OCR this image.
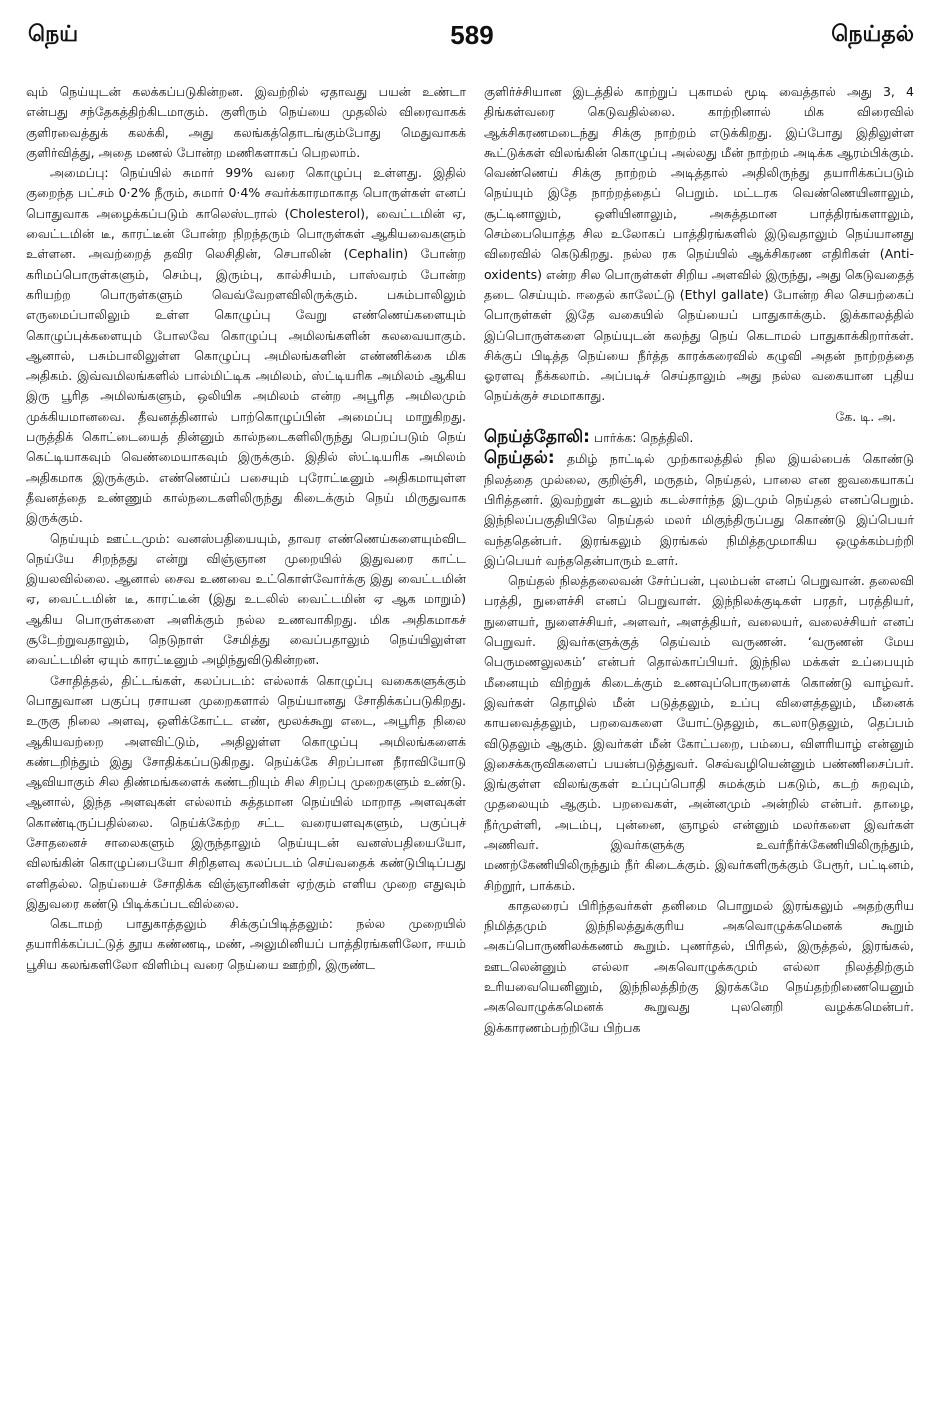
நெய்	589	நெய்தல்

வும் நெய்யுடன் கலக்கப்படுகின்றன. இவற்றில் ஏதாவது பயன் உண்டா என்பது சந்தேகத்திற்கிடமாகும். குளிரும் நெய்யை முதலில் விரைவாகக் குளிரவைத்துக் கலக்கி, அது கலங்கத்தொடங்கும்போது மெதுவாகக் குளிர்வித்து, அதை மணல் போன்ற மணிகளாகப் பெறலாம்.

அமைப்பு: நெய்யில் சுமார் 99% வரை கொழுப்பு உள்ளது. இதில் குறைந்த பட்சம் 0·2% நீரும், சுமார் 0·4% சவர்க்காரமாகாத பொருள்கள் எனப் பொதுவாக அழைக்கப்படும் காலெஸ்டரால் (Cholesterol), வைட்டமின் ஏ, வைட்டமின் டீ, காரட்டீன் போன்ற நிறந்தரும் பொருள்கள் ஆகியவைகளும் உள்ளன. அவற்றைத் தவிர லெசிதின், செபாலின் (Cephalin) போன்ற கரிமப்பொருள்களும், செம்பு, இரும்பு, கால்சியம், பாஸ்வரம் போன்ற கரியற்ற பொருள்களும் வெவ்வேறளவிலிருக்கும். பசும்பாலிலும் எருமைப்பாலிலும் உள்ள கொழுப்பு வேறு எண்ணெய்களையும் கொழுப்புக்களையும் போலவே கொழுப்பு அமிலங்களின் கலவையாகும். ஆனால், பசும்பாலிலுள்ள கொழுப்பு அமிலங்களின் எண்ணிக்கை மிக அதிகம். இவ்வமிலங்களில் பால்மிட்டிக அமிலம், ஸ்ட்டியரிக அமிலம் ஆகிய இரு பூரித அமிலங்களும், ஒலியிக அமிலம் என்ற அபூரித அமிலமும் முக்கியமானவை. தீவனத்தினால் பாற்கொழுப்பின் அமைப்பு மாறுகிறது. பருத்திக் கொட்டையைத் தின்னும் கால்நடைகளிலிருந்து பெறப்படும் நெய் கெட்டியாகவும் வெண்மையாகவும் இருக்கும். இதில் ஸ்ட்டியரிக அமிலம் அதிகமாக இருக்கும். எண்ணெய்ப் பசையும் புரோட்டீனும் அதிகமாயுள்ள தீவனத்தை உண்ணும் கால்நடைகளிலிருந்து கிடைக்கும் நெய் மிருதுவாக இருக்கும்.

நெய்யும் ஊட்டமும்: வனஸ்பதியையும், தாவர எண்ணெய்களையும்விட நெய்யே சிறந்தது என்று விஞ்ஞான முறையில் இதுவரை காட்ட இயலவில்லை. ஆனால் சைவ உணவை உட்கொள்வோர்க்கு இது வைட்டமின் ஏ, வைட்டமின் டீ, காரட்டீன் (இது உடலில் வைட்டமின் ஏ ஆக மாறும்) ஆகிய பொருள்களை அளிக்கும் நல்ல உணவாகிறது. மிக அதிகமாகச் சூடேற்றுவதாலும், நெடுநாள் சேமித்து வைப்பதாலும் நெய்யிலுள்ள வைட்டமின் ஏயும் காரட்டீனும் அழிந்துவிடுகின்றன.

சோதித்தல், திட்டங்கள், கலப்படம்: எல்லாக் கொழுப்பு வகைகளுக்கும் பொதுவான பகுப்பு ரசாயன முறைகளால் நெய்யானது சோதிக்கப்படுகிறது. உருகு நிலை அளவு, ஒளிக்கோட்ட எண், மூலக்கூறு எடை, அபூரித நிலை ஆகியவற்றை அளவிட்டும், அதிலுள்ள கொழுப்பு அமிலங்களைக் கண்டறிந்தும் இது சோதிக்கப்படுகிறது. நெய்க்கே சிறப்பான நீராவியோடு ஆவியாகும் சில திண்மங்களைக் கண்டறியும் சில சிறப்பு முறைகளும் உண்டு. ஆனால், இந்த அளவுகள் எல்லாம் சுத்தமான நெய்யில் மாறாத அளவுகள் கொண்டிருப்பதில்லை. நெய்க்கேற்ற சட்ட வரையளவுகளும், பகுப்புச் சோதனைச் சாலைகளும் இருந்தாலும் நெய்யுடன் வனஸ்பதியையோ, விலங்கின் கொழுப்பையோ சிறிதளவு கலப்படம் செய்வதைக் கண்டுபிடிப்பது எளிதல்ல. நெய்யைச் சோதிக்க விஞ்ஞானிகள் ஏற்கும் எளிய முறை எதுவும் இதுவரை கண்டு பிடிக்கப்படவில்லை.

கெடாமற் பாதுகாத்தலும் சிக்குப்பிடித்தலும்: நல்ல முறையில் தயாரிக்கப்பட்டுத் தூய கண்ணடி, மண், அலுமினியப் பாத்திரங்களிலோ, ஈயம் பூசிய கலங்களிலோ விளிம்பு வரை நெய்யை ஊற்றி, இருண்ட

குளிர்ச்சியான இடத்தில் காற்றுப் புகாமல் மூடி வைத்தால் அது 3, 4 திங்கள்வரை கெடுவதில்லை. காற்றினால் மிக விரைவில் ஆக்சிகரணமடைந்து சிக்கு நாற்றம் எடுக்கிறது. இப்போது இதிலுள்ள கூட்டுக்கள் விலங்கின் கொழுப்பு அல்லது மீன் நாற்றம் அடிக்க ஆரம்பிக்கும். வெண்ணெய் சிக்கு நாற்றம் அடித்தால் அதிலிருந்து தயாரிக்கப்படும் நெய்யும் இதே நாற்றத்தைப் பெறும். மட்டரக வெண்ணெயினாலும், சூட்டினாலும், ஒளியினாலும், அசுத்தமான பாத்திரங்களாலும், செம்பையொத்த சில உலோகப் பாத்திரங்களில் இடுவதாலும் நெய்யானது விரைவில் கெடுகிறது. நல்ல ரக நெய்யில் ஆக்சிகரண எதிரிகள் (Anti-oxidents) என்ற சில பொருள்கள் சிறிய அளவில் இருந்து, அது கெடுவதைத் தடை செய்யும். ஈதைல் காலேட்டு (Ethyl gallate) போன்ற சில செயற்கைப் பொருள்கள் இதே வகையில் நெய்யைப் பாதுகாக்கும். இக்காலத்தில் இப்பொருள்களை நெய்யுடன் கலந்து நெய் கெடாமல் பாதுகாக்கிறார்கள். சிக்குப் பிடித்த நெய்யை நீர்த்த காரக்கரைவில் கழுவி அதன் நாற்றத்தை ஓரளவு நீக்கலாம். அப்படிச் செய்தாலும் அது நல்ல வகையான புதிய நெய்க்குச் சமமாகாது.

கே. டி. அ.

நெய்த்தோலி: பார்க்க: நெத்திலி.

நெய்தல்: தமிழ் நாட்டில் முற்காலத்தில் நில இயல்பைக் கொண்டு நிலத்தை முல்லை, குறிஞ்சி, மருதம், நெய்தல், பாலை என ஐவகையாகப் பிரித்தனர். இவற்றுள் கடலும் கடல்சார்ந்த இடமும் நெய்தல் எனப்பெறும். இந்நிலப்பகுதியிலே நெய்தல் மலர் மிகுந்திருப்பது கொண்டு இப்பெயர் வந்ததென்பர். இரங்கலும் இரங்கல் நிமித்தமுமாகிய ஒழுக்கம்பற்றி இப்பெயர் வந்ததென்பாரும் உளர்.

நெய்தல் நிலத்தலைவன் சேர்ப்பன், புலம்பன் எனப் பெறுவான். தலைவி பரத்தி, நுளைச்சி எனப் பெறுவாள். இந்நிலக்குடிகள் பரதர், பரத்தியர், நுளையர், நுளைச்சியர், அளவர், அளத்தியர், வலையர், வலைச்சியர் எனப் பெறுவர். இவர்களுக்குத் தெய்வம் வருணன். ‘வருணன் மேய பெருமணலுலகம்’ என்பர் தொல்காப்பியர். இந்நில மக்கள் உப்பையும் மீனையும் விற்றுக் கிடைக்கும் உணவுப்பொருளைக் கொண்டு வாழ்வர். இவர்கள் தொழில் மீன் படுத்தலும், உப்பு விளைத்தலும், மீனைக் காயவைத்தலும், பறவைகளை யோட்டுதலும், கடலாடுதலும், தெப்பம் விடுதலும் ஆகும். இவர்கள் மீன் கோட்பறை, பம்பை, விளரியாழ் என்னும் இசைக்கருவிகளைப் பயன்படுத்துவர். செவ்வழியென்னும் பண்ணிசைப்பர். இங்குள்ள விலங்குகள் உப்புப்பொதி சுமக்கும் பகடும், கடற் சுறவும், முதலையும் ஆகும். பறவைகள், அன்னமும் அன்றில் என்பர். தாழை, நீர்முள்ளி, அடம்பு, புன்னை, ஞாழல் என்னும் மலர்களை இவர்கள் அணிவர். இவர்களுக்கு உவர்நீர்க்கேணியிலிருந்தும், மணற்கேணியிலிருந்தும் நீர் கிடைக்கும். இவர்களிருக்கும் பேரூர், பட்டினம், சிற்றூர், பாக்கம்.

காதலரைப் பிரிந்தவர்கள் தனிமை பொறுமல் இரங்கலும் அதற்குரிய நிமித்தமும் இந்நிலத்துக்குரிய அகவொழுக்கமெனக் கூறும் அகப்பொருணிலக்கணம் கூறும். புணர்தல், பிரிதல், இருத்தல், இரங்கல், ஊடலென்னும் எல்லா அகவொழுக்கமும் எல்லா நிலத்திற்கும் உரியவையெனினும், இந்நிலத்திற்கு இரக்கமே நெய்தற்றிணையெனும் அகவொழுக்கமெனக் கூறுவது புலனெறி வழக்கமென்பர். இக்காரணம்பற்றியே பிற்பக
